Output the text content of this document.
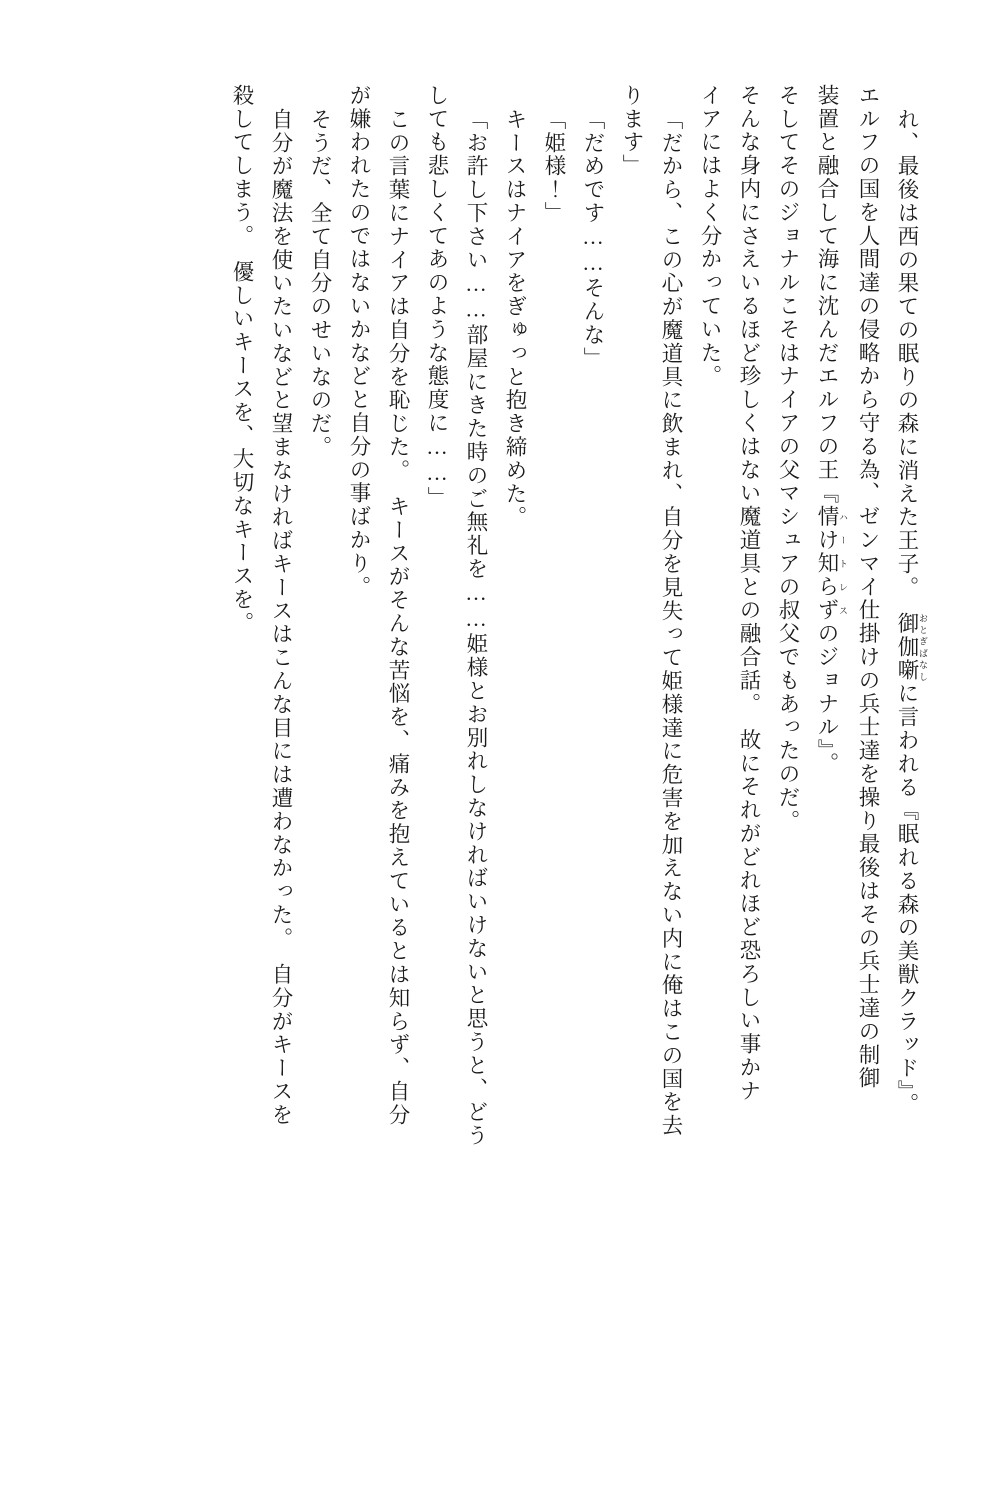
れ、最後は西の果ての眠りの森に消えた王子。　御伽噺 おとぎばなしに言われる『眠れる森の美獣クラッド』。

エルフの国を人間達の侵略から守る為、ゼンマイ仕掛けの兵士達を操り最後はその兵士達の制御

装置と融合して海に沈んだエルフの王『情け知らず ハートレスのジョナル』。

そしてそのジョナルこそはナイアの父マシュアの叔父でもあったのだ。

そんな身内にさえいるほど珍しくはない魔道具との融合話。　故にそれがどれほど恐ろしい事かナ

イアにはよく分かっていた。

「だから、この心が魔道具に飲まれ、自分を見失って姫様達に危害を加えない内に俺はこの国を去

ります」

「だめです……そんな」

「姫様！」

キースはナイアをぎゅっと抱き締めた。

「お許し下さい……部屋にきた時のご無礼を……姫様とお別れしなければいけないと思うと、どう

しても悲しくてあのような態度に……」

この言葉にナイアは自分を恥じた。　キースがそんな苦悩を、痛みを抱えているとは知らず、自分

が嫌われたのではないかなどと自分の事ばかり。

そうだ、全て自分のせいなのだ。

自分が魔法を使いたいなどと望まなければキースはこんな目には遭わなかった。　自分がキースを

殺してしまう。　優しいキースを、大切なキースを。
